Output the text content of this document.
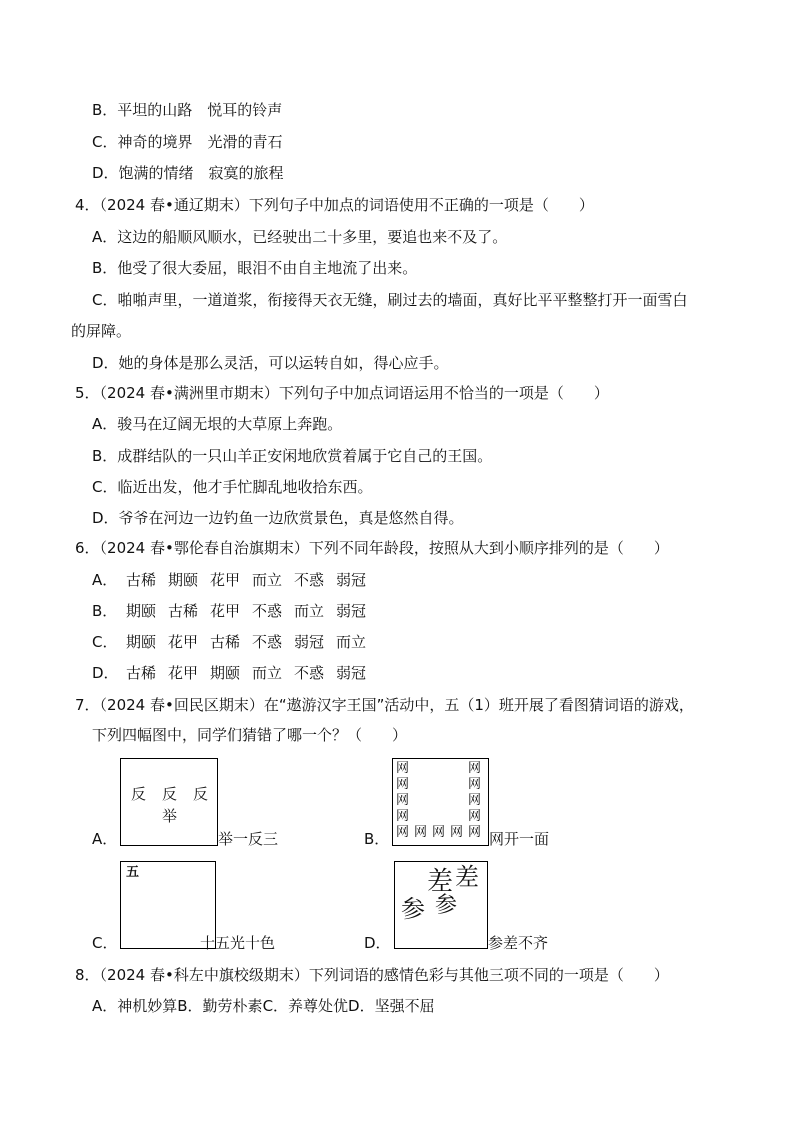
B．平坦的山路　悦耳的铃声
C．神奇的境界　光滑的青石
D．饱满的情绪　寂寞的旅程
4．（2024 春•通辽期末）下列句子中加点的词语使用不正确的一项是（　　）
A．这边的船顺风顺水，已经驶出二十多里，要追也来不及了。
B．他受了很大委屈，眼泪不由自主地流了出来。
C．啪啪声里，一道道浆，衔接得天衣无缝，刷过去的墙面，真好比平平整整打开一面雪白
的屏障。
D．她的身体是那么灵活，可以运转自如，得心应手。
5．（2024 春•满洲里市期末）下列句子中加点词语运用不恰当的一项是（　　）
A．骏马在辽阔无垠的大草原上奔跑。
B．成群结队的一只山羊正安闲地欣赏着属于它自己的王国。
C．临近出发，他才手忙脚乱地收拾东西。
D．爷爷在河边一边钓鱼一边欣赏景色，真是悠然自得。
6．（2024 春•鄂伦春自治旗期末）下列不同年龄段，按照从大到小顺序排列的是（　　）
A． 古稀 期颐 花甲 而立 不惑 弱冠
B． 期颐 古稀 花甲 不惑 而立 弱冠
C． 期颐 花甲 古稀 不惑 弱冠 而立
D． 古稀 花甲 期颐 而立 不惑 弱冠
7．（2024 春•回民区期末）在“遨游汉字王国”活动中，五（1）班开展了看图猜词语的游戏，
下列四幅图中，同学们猜错了哪一个？（　　）
A．
反 反 反
举
举一反三	B．
网
网
网
网
网
网
网
网
网 网 网 网 网 网开一面
C．
五
十 五光十色	D．
差 差
参 参
参差不齐
8．（2024 春•科左中旗校级期末）下列词语的感情色彩与其他三项不同的一项是（　　）
A．神机妙算B．勤劳朴素C．养尊处优D．坚强不屈
